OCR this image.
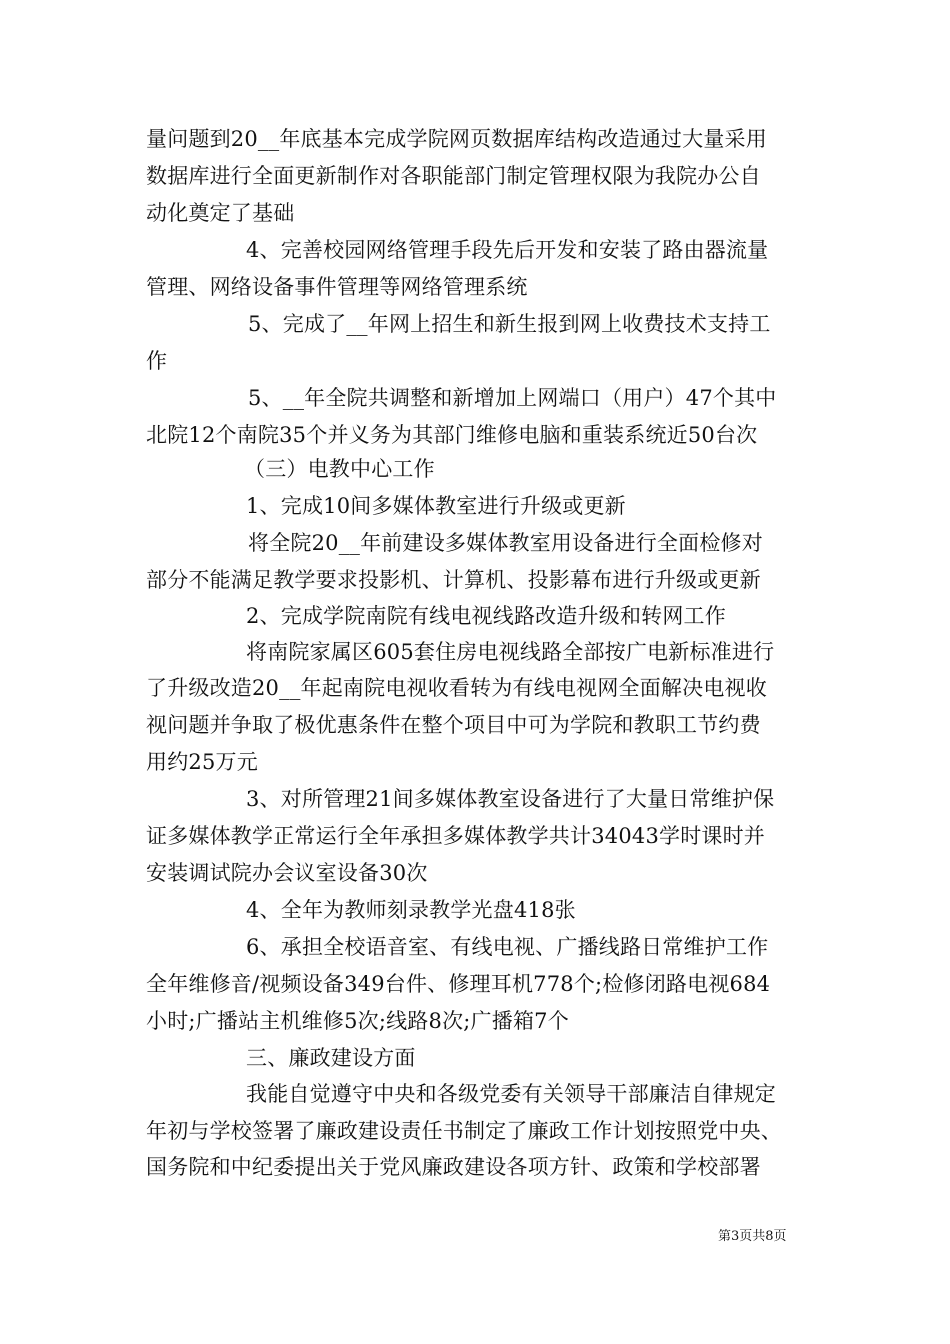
量问题到20__年底基本完成学院网页数据库结构改造通过大量采用
数据库进行全面更新制作对各职能部门制定管理权限为我院办公自
动化奠定了基础
4、完善校园网络管理手段先后开发和安装了路由器流量
管理、网络设备事件管理等网络管理系统
5、完成了__年网上招生和新生报到网上收费技术支持工
作
5、__年全院共调整和新增加上网端口（用户）47个其中
北院12个南院35个并义务为其部门维修电脑和重装系统近50台次
（三）电教中心工作
1、完成10间多媒体教室进行升级或更新
将全院20__年前建设多媒体教室用设备进行全面检修对
部分不能满足教学要求投影机、计算机、投影幕布进行升级或更新
2、完成学院南院有线电视线路改造升级和转网工作
将南院家属区605套住房电视线路全部按广电新标准进行
了升级改造20__年起南院电视收看转为有线电视网全面解决电视收
视问题并争取了极优惠条件在整个项目中可为学院和教职工节约费
用约25万元
3、对所管理21间多媒体教室设备进行了大量日常维护保
证多媒体教学正常运行全年承担多媒体教学共计34043学时课时并
安装调试院办会议室设备30次
4、全年为教师刻录教学光盘418张
6、承担全校语音室、有线电视、广播线路日常维护工作
全年维修音/视频设备349台件、修理耳机778个;检修闭路电视684
小时;广播站主机维修5次;线路8次;广播箱7个
三、廉政建设方面
我能自觉遵守中央和各级党委有关领导干部廉洁自律规定
年初与学校签署了廉政建设责任书制定了廉政工作计划按照党中央、
国务院和中纪委提出关于党风廉政建设各项方针、政策和学校部署
第3页共8页
